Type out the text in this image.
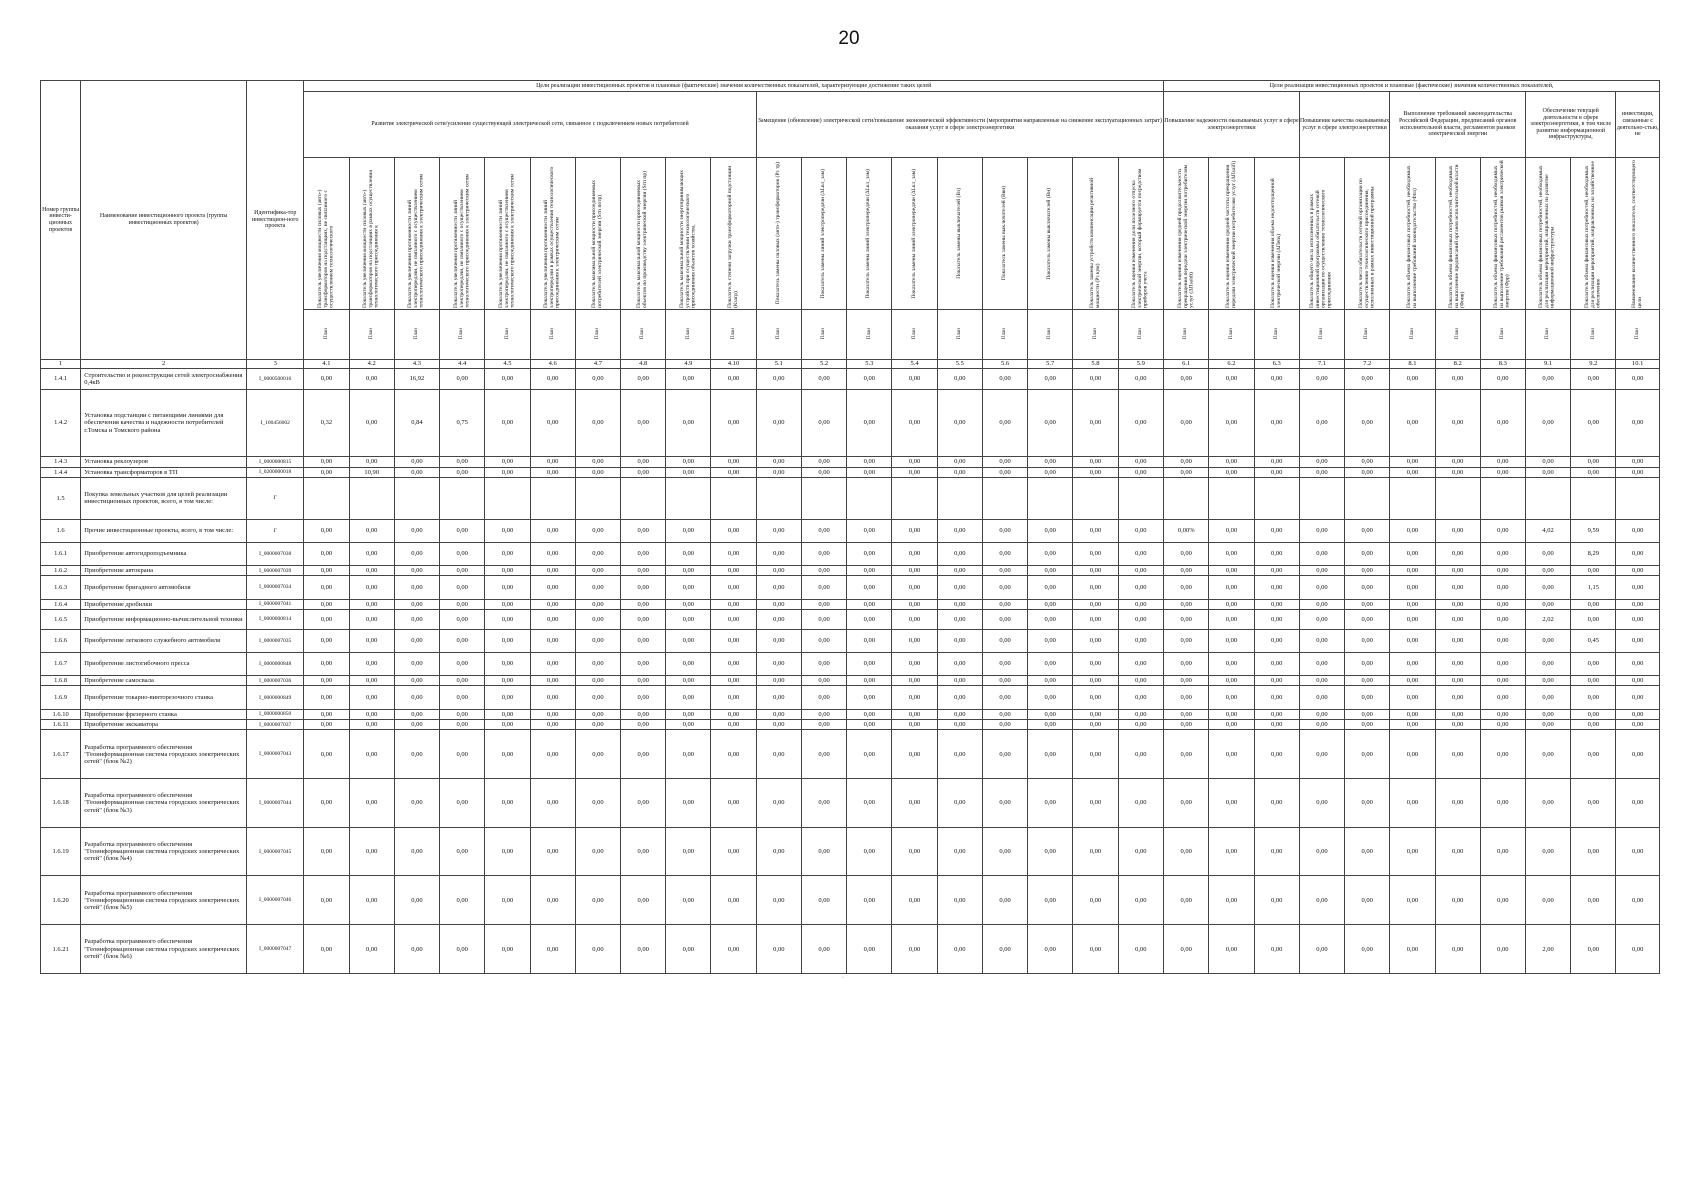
20
Номер группы инвести-ционных проектов	Наименование инвестиционного проекта (группы инвестиционных проектов)	Идентифика-тор инвестицион-ного проекта	Цели реализации инвестиционных проектов и плановые (фактические) значения количественных показателей, характеризующие достижение таких целей																			Цели реализации инвестиционных проектов и плановые (фактические) значения количественных показателей,										
			Развитие электрической сети/усиление существующей электрической сети, связанное с подключением новых потребителей										Замещение (обновление) электрической сети/повышение экономической эффективности (мероприятия направленные на снижение эксплуатационных затрат) оказания услуг в сфере электроэнергетики									Повышение надежности оказываемых услуг в сфере электроэнергетики			Повышение качества оказываемых услуг в сфере электроэнергетики		Выполнение требований законодательства Российской Федерации, предписаний органов исполнительной власти, регламентов рынков электрической энергии			Обеспечение текущей деятельности в сфере электроэнергетики, в том числе развитие информационной инфраструктуры,		инвестиции, связанные с деятельно-стью, не

			Показатель увеличения мощности силовых (авто-) трансформаторов на подстанциях, не связанного с осуществлением технологического	Показатель увеличения мощности силовых (авто-) трансформаторов на подстанциях в рамках осуществления технологического присоединения к	Показатель увеличения протяженности линий электропередачи, не связанного с осуществлением технологического присоединения к электрическим сетям	Показатель увеличения протяженности линий электропередачи, не связанного с осуществлением технологического присоединения к электрическим сетям	Показатель увеличения протяженности линий электропередачи, не связанного с осуществлением технологического присоединения к электрическим сетям	Показатель увеличения протяженности линий электропередачи в рамках осуществления технологического присоединения к электрическим сетям	Показатель максимальной мощности присоединяемых потребителей электрической энергии (Sтп потр)	Показатель максимальной мощности присоединяемых объектов по производству электрической энергии (Sтп пр)	Показатель максимальной мощности энергопринимающих устройств при осуществлении технологического присоединения объектов хозяйства,	Показатель степени загрузки трансформаторной подстанции (Кзагр)	Показатель замены силовых (авто-) трансформаторов (Рз тр)	Показатель замены линий электропередачи (ΔLвл_зам)	Показатель замены линий электропередачи (ΔLкл_зам)	Показатель замены линий электропередачи (ΔLкл_зам)	Показатель замены выключателей (Вз)	Показатель замены выключателей (Ввн)	Показатель замены выключателей (Вн)	Показатель замены устройств компенсации реактивной мощности (Рз кум)	Показатель оценки изменения доли полезного отпуска электрической энергии, который формируется посредством приборов учета	Показатель оценки изменения средней продолжительности прекращения передачи электрической энергии потребителям услуг (ΔПsaidi)	Показатель оценки изменения средней частоты прекращения передачи электрической энергии потребителям услуг (ΔПsaifi)	Показатель оценки изменения объема недоотпущенной электрической энергии (ΔПens)	Показатель общего числа исполненных в рамках инвестиционной программы обязательств сетевой организации по осуществлению технологического присоединения	Показатель числа обязательств сетевой организации по осуществлению технологического присоединения, исполненных в рамках инвестиционной программы	Показатель объема финансовых потребностей, необходимых на выполнение требований законодательства (Фпз)	Показатель объема финансовых потребностей, необходимых на выполнение предписаний органов исполнительной власти (Фоив)	Показатель объема финансовых потребностей, необходимых на выполнение требований регламентов рынков электрической энергии (Фрр)	Показатель объема финансовых потребностей, необходимых для реализации мероприятий, направленных на развитие информационной инфраструктуры	Показатель объема финансовых потребностей, необходимых для реализации мероприятий, направленных на хозяйственное обеспечение	Наименование количественного показателя, соответствующего цели

			План	План	План	План	План	План	План	План	План	План	План	План	План	План	План	План	План	План	План	План	План	План	План	План	План	План	План	План	План	План
1	2	3	4.1	4.2	4.3	4.4	4.5	4.6	4.7	4.8	4.9	4.10	5.1	5.2	5.3	5.4	5.5	5.6	5.7	5.8	5.9	6.1	6.2	6.3	7.1	7.2	8.1	8.2	8.3	9.1	9.2	10.1
1.4.1	Строительство и реконструкция сетей электроснабжения 0,4кВ	I_0000500016	0,00	0,00	16,92	0,00	0,00	0,00	0,00	0,00	0,00	0,00	0,00	0,00	0,00	0,00	0,00	0,00	0,00	0,00	0,00	0,00	0,00	0,00	0,00	0,00	0,00	0,00	0,00	0,00	0,00	0,00
1.4.2	Установка подстанции с питающими линиями для обеспечения качества и надежности потребителей г.Томска и Томского района	I_100456002	0,32	0,00	0,84	0,75	0,00	0,00	0,00	0,00	0,00	0,00	0,00	0,00	0,00	0,00	0,00	0,00	0,00	0,00	0,00	0,00	0,00	0,00	0,00	0,00	0,00	0,00	0,00	0,00	0,00	0,00
1.4.3	Установка реклоузеров	I_0000000815	0,00	0,00	0,00	0,00	0,00	0,00	0,00	0,00	0,00	0,00	0,00	0,00	0,00	0,00	0,00	0,00	0,00	0,00	0,00	0,00	0,00	0,00	0,00	0,00	0,00	0,00	0,00	0,00	0,00	0,00
1.4.4	Установка трансформаторов в ТП	I_0200000018	0,00	10,90	0,00	0,00	0,00	0,00	0,00	0,00	0,00	0,00	0,00	0,00	0,00	0,00	0,00	0,00	0,00	0,00	0,00	0,00	0,00	0,00	0,00	0,00	0,00	0,00	0,00	0,00	0,00	0,00
1.5	Покупка земельных участков для целей реализации инвестиционных проектов, всего, в том числе:	Г																														
1.6	Прочие инвестиционные проекты, всего, в том числе:	Г	0,00	0,00	0,00	0,00	0,00	0,00	0,00	0,00	0,00	0,00	0,00	0,00	0,00	0,00	0,00	0,00	0,00	0,00	0,00	0,00%	0,00	0,00	0,00	0,00	0,00	0,00	0,00	4,02	9,59	0,00
1.6.1	Приобретение автогидроподъемника	I_0000007038	0,00	0,00	0,00	0,00	0,00	0,00	0,00	0,00	0,00	0,00	0,00	0,00	0,00	0,00	0,00	0,00	0,00	0,00	0,00	0,00	0,00	0,00	0,00	0,00	0,00	0,00	0,00	0,00	8,29	0,00
1.6.2	Приобретение автокрана	I_0000007039	0,00	0,00	0,00	0,00	0,00	0,00	0,00	0,00	0,00	0,00	0,00	0,00	0,00	0,00	0,00	0,00	0,00	0,00	0,00	0,00	0,00	0,00	0,00	0,00	0,00	0,00	0,00	0,00	0,00	0,00
1.6.3	Приобретение бригадного автомобиля	I_0000007034	0,00	0,00	0,00	0,00	0,00	0,00	0,00	0,00	0,00	0,00	0,00	0,00	0,00	0,00	0,00	0,00	0,00	0,00	0,00	0,00	0,00	0,00	0,00	0,00	0,00	0,00	0,00	0,00	1,15	0,00
1.6.4	Приобретение дробилки	I_0000007041	0,00	0,00	0,00	0,00	0,00	0,00	0,00	0,00	0,00	0,00	0,00	0,00	0,00	0,00	0,00	0,00	0,00	0,00	0,00	0,00	0,00	0,00	0,00	0,00	0,00	0,00	0,00	0,00	0,00	0,00
1.6.5	Приобретение информационно-вычислительной техники	I_0000000814	0,00	0,00	0,00	0,00	0,00	0,00	0,00	0,00	0,00	0,00	0,00	0,00	0,00	0,00	0,00	0,00	0,00	0,00	0,00	0,00	0,00	0,00	0,00	0,00	0,00	0,00	0,00	2,02	0,00	0,00
1.6.6	Приобретение легкового служебного автомобиля	I_0000007035	0,00	0,00	0,00	0,00	0,00	0,00	0,00	0,00	0,00	0,00	0,00	0,00	0,00	0,00	0,00	0,00	0,00	0,00	0,00	0,00	0,00	0,00	0,00	0,00	0,00	0,00	0,00	0,00	0,45	0,00
1.6.7	Приобретение листогибочного пресса	I_0000000848	0,00	0,00	0,00	0,00	0,00	0,00	0,00	0,00	0,00	0,00	0,00	0,00	0,00	0,00	0,00	0,00	0,00	0,00	0,00	0,00	0,00	0,00	0,00	0,00	0,00	0,00	0,00	0,00	0,00	0,00
1.6.8	Приобретение самосвала	I_0000007036	0,00	0,00	0,00	0,00	0,00	0,00	0,00	0,00	0,00	0,00	0,00	0,00	0,00	0,00	0,00	0,00	0,00	0,00	0,00	0,00	0,00	0,00	0,00	0,00	0,00	0,00	0,00	0,00	0,00	0,00
1.6.9	Приобретение токарно-винторезочного станка	I_0000000849	0,00	0,00	0,00	0,00	0,00	0,00	0,00	0,00	0,00	0,00	0,00	0,00	0,00	0,00	0,00	0,00	0,00	0,00	0,00	0,00	0,00	0,00	0,00	0,00	0,00	0,00	0,00	0,00	0,00	0,00
1.6.10	Приобретение фрезерного станка	I_0000000850	0,00	0,00	0,00	0,00	0,00	0,00	0,00	0,00	0,00	0,00	0,00	0,00	0,00	0,00	0,00	0,00	0,00	0,00	0,00	0,00	0,00	0,00	0,00	0,00	0,00	0,00	0,00	0,00	0,00	0,00
1.6.11	Приобретение экскаватора	I_0000007037	0,00	0,00	0,00	0,00	0,00	0,00	0,00	0,00	0,00	0,00	0,00	0,00	0,00	0,00	0,00	0,00	0,00	0,00	0,00	0,00	0,00	0,00	0,00	0,00	0,00	0,00	0,00	0,00	0,00	0,00
1.6.17	Разработка программного обеспечения "Геоинформационная система городских электрических сетей" (блок №2)	I_0000007043	0,00	0,00	0,00	0,00	0,00	0,00	0,00	0,00	0,00	0,00	0,00	0,00	0,00	0,00	0,00	0,00	0,00	0,00	0,00	0,00	0,00	0,00	0,00	0,00	0,00	0,00	0,00	0,00	0,00	0,00
1.6.18	Разработка программного обеспечения "Геоинформационная система городских электрических сетей" (блок №3)	I_0000007044	0,00	0,00	0,00	0,00	0,00	0,00	0,00	0,00	0,00	0,00	0,00	0,00	0,00	0,00	0,00	0,00	0,00	0,00	0,00	0,00	0,00	0,00	0,00	0,00	0,00	0,00	0,00	0,00	0,00	0,00
1.6.19	Разработка программного обеспечения "Геоинформационная система городских электрических сетей" (блок №4)	I_0000007045	0,00	0,00	0,00	0,00	0,00	0,00	0,00	0,00	0,00	0,00	0,00	0,00	0,00	0,00	0,00	0,00	0,00	0,00	0,00	0,00	0,00	0,00	0,00	0,00	0,00	0,00	0,00	0,00	0,00	0,00
1.6.20	Разработка программного обеспечения "Геоинформационная система городских электрических сетей" (блок №5)	I_0000007046	0,00	0,00	0,00	0,00	0,00	0,00	0,00	0,00	0,00	0,00	0,00	0,00	0,00	0,00	0,00	0,00	0,00	0,00	0,00	0,00	0,00	0,00	0,00	0,00	0,00	0,00	0,00	0,00	0,00	0,00
1.6.21	Разработка программного обеспечения "Геоинформационная система городских электрических сетей" (блок №6)	I_0000007047	0,00	0,00	0,00	0,00	0,00	0,00	0,00	0,00	0,00	0,00	0,00	0,00	0,00	0,00	0,00	0,00	0,00	0,00	0,00	0,00	0,00	0,00	0,00	0,00	0,00	0,00	0,00	2,00	0,00	0,00
·
